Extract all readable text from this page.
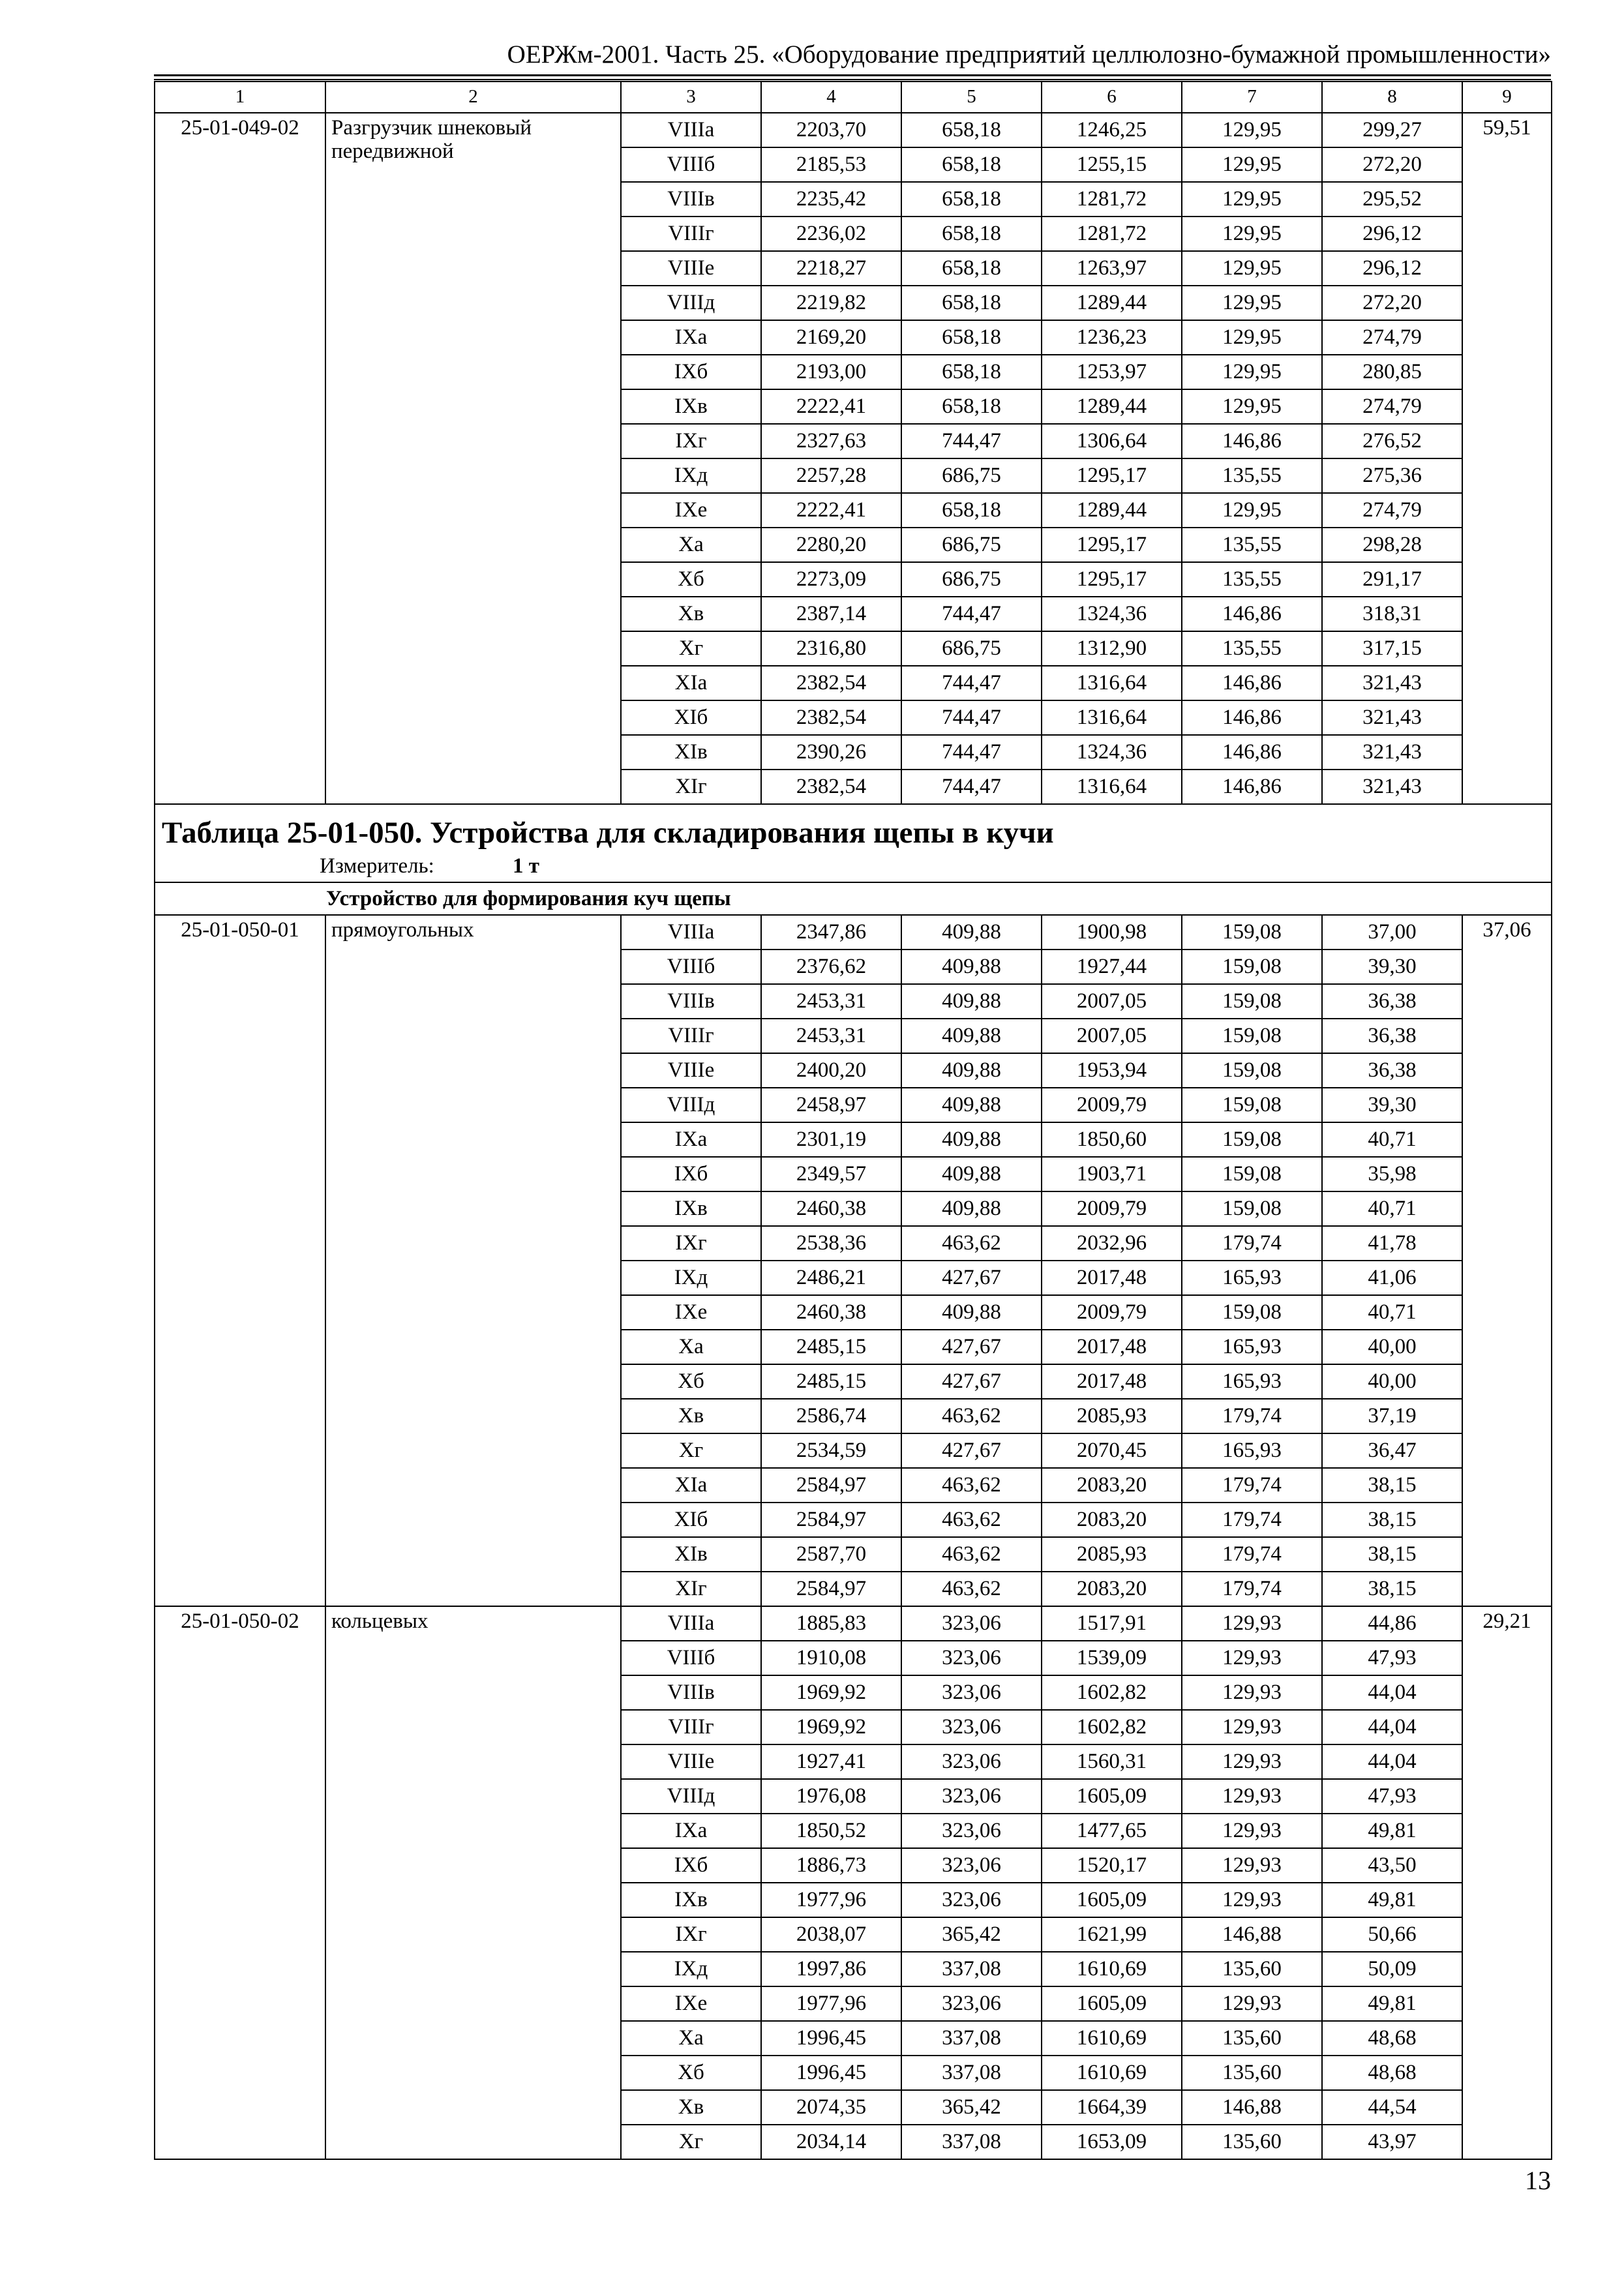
ОЕРЖм-2001. Часть 25. «Оборудование предприятий целлюлозно-бумажной промышленности»
1	2	3	4	5	6	7	8	9
25-01-049-02	Разгрузчик шнековый передвижной	VIIIа	2203,70	658,18	1246,25	129,95	299,27	59,51
		VIIIб	2185,53	658,18	1255,15	129,95	272,20	
		VIIIв	2235,42	658,18	1281,72	129,95	295,52	
		VIIIг	2236,02	658,18	1281,72	129,95	296,12	
		VIIIе	2218,27	658,18	1263,97	129,95	296,12	
		VIIIд	2219,82	658,18	1289,44	129,95	272,20	
		IXа	2169,20	658,18	1236,23	129,95	274,79	
		IXб	2193,00	658,18	1253,97	129,95	280,85	
		IXв	2222,41	658,18	1289,44	129,95	274,79	
		IXг	2327,63	744,47	1306,64	146,86	276,52	
		IXд	2257,28	686,75	1295,17	135,55	275,36	
		IXе	2222,41	658,18	1289,44	129,95	274,79	
		Xа	2280,20	686,75	1295,17	135,55	298,28	
		Xб	2273,09	686,75	1295,17	135,55	291,17	
		Xв	2387,14	744,47	1324,36	146,86	318,31	
		Xг	2316,80	686,75	1312,90	135,55	317,15	
		XIа	2382,54	744,47	1316,64	146,86	321,43	
		XIб	2382,54	744,47	1316,64	146,86	321,43	
		XIв	2390,26	744,47	1324,36	146,86	321,43	
		XIг	2382,54	744,47	1316,64	146,86	321,43	
Таблица 25-01-050. Устройства для складирования щепы в кучи								
Измеритель: 1 т								
Устройство для формирования куч щепы								
25-01-050-01	прямоугольных	VIIIа	2347,86	409,88	1900,98	159,08	37,00	37,06
		VIIIб	2376,62	409,88	1927,44	159,08	39,30	
		VIIIв	2453,31	409,88	2007,05	159,08	36,38	
		VIIIг	2453,31	409,88	2007,05	159,08	36,38	
		VIIIе	2400,20	409,88	1953,94	159,08	36,38	
		VIIIд	2458,97	409,88	2009,79	159,08	39,30	
		IXа	2301,19	409,88	1850,60	159,08	40,71	
		IXб	2349,57	409,88	1903,71	159,08	35,98	
		IXв	2460,38	409,88	2009,79	159,08	40,71	
		IXг	2538,36	463,62	2032,96	179,74	41,78	
		IXд	2486,21	427,67	2017,48	165,93	41,06	
		IXе	2460,38	409,88	2009,79	159,08	40,71	
		Xа	2485,15	427,67	2017,48	165,93	40,00	
		Xб	2485,15	427,67	2017,48	165,93	40,00	
		Xв	2586,74	463,62	2085,93	179,74	37,19	
		Xг	2534,59	427,67	2070,45	165,93	36,47	
		XIа	2584,97	463,62	2083,20	179,74	38,15	
		XIб	2584,97	463,62	2083,20	179,74	38,15	
		XIв	2587,70	463,62	2085,93	179,74	38,15	
		XIг	2584,97	463,62	2083,20	179,74	38,15	
25-01-050-02	кольцевых	VIIIа	1885,83	323,06	1517,91	129,93	44,86	29,21
		VIIIб	1910,08	323,06	1539,09	129,93	47,93	
		VIIIв	1969,92	323,06	1602,82	129,93	44,04	
		VIIIг	1969,92	323,06	1602,82	129,93	44,04	
		VIIIе	1927,41	323,06	1560,31	129,93	44,04	
		VIIIд	1976,08	323,06	1605,09	129,93	47,93	
		IXа	1850,52	323,06	1477,65	129,93	49,81	
		IXб	1886,73	323,06	1520,17	129,93	43,50	
		IXв	1977,96	323,06	1605,09	129,93	49,81	
		IXг	2038,07	365,42	1621,99	146,88	50,66	
		IXд	1997,86	337,08	1610,69	135,60	50,09	
		IXе	1977,96	323,06	1605,09	129,93	49,81	
		Xа	1996,45	337,08	1610,69	135,60	48,68	
		Xб	1996,45	337,08	1610,69	135,60	48,68	
		Xв	2074,35	365,42	1664,39	146,88	44,54	
		Xг	2034,14	337,08	1653,09	135,60	43,97	
13
